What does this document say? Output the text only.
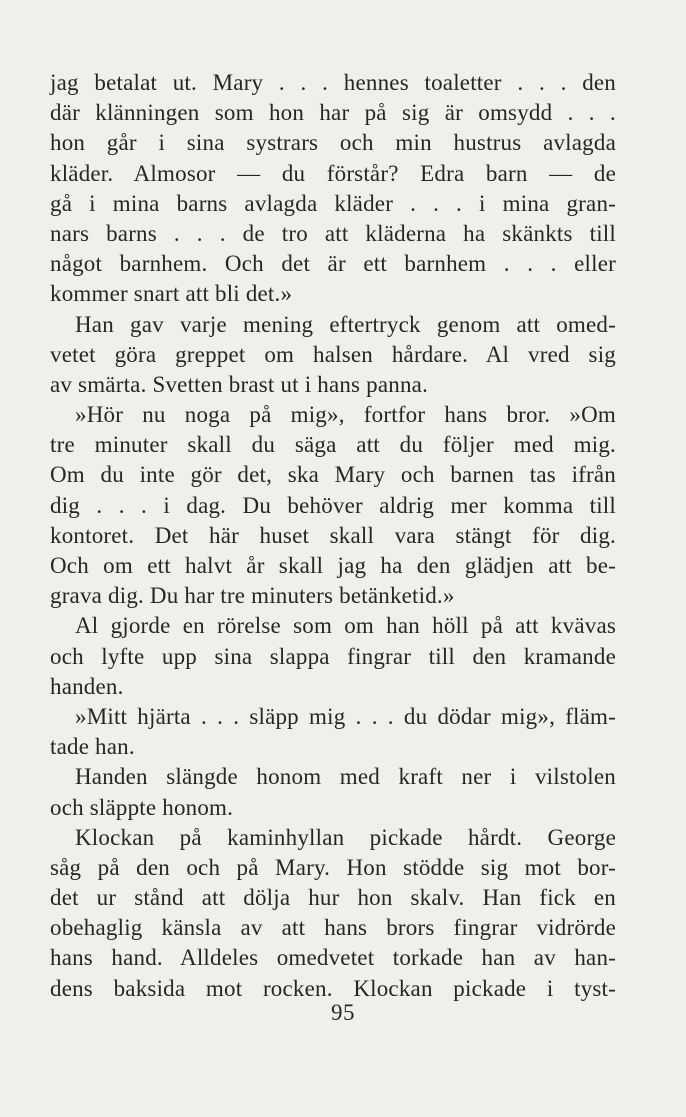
jag betalat ut. Mary . . . hennes toaletter . . . den
där klänningen som hon har på sig är omsydd . . .
hon går i sina systrars och min hustrus avlagda
kläder. Almosor — du förstår? Edra barn — de
gå i mina barns avlagda kläder . . . i mina gran-
nars barns . . . de tro att kläderna ha skänkts till
något barnhem. Och det är ett barnhem . . . eller
kommer snart att bli det.»
Han gav varje mening eftertryck genom att omed-
vetet göra greppet om halsen hårdare. Al vred sig
av smärta. Svetten brast ut i hans panna.
»Hör nu noga på mig», fortfor hans bror. »Om
tre minuter skall du säga att du följer med mig.
Om du inte gör det, ska Mary och barnen tas ifrån
dig . . . i dag. Du behöver aldrig mer komma till
kontoret. Det här huset skall vara stängt för dig.
Och om ett halvt år skall jag ha den glädjen att be-
grava dig. Du har tre minuters betänketid.»
Al gjorde en rörelse som om han höll på att kvävas
och lyfte upp sina slappa fingrar till den kramande
handen.
»Mitt hjärta . . . släpp mig . . . du dödar mig», fläm-
tade han.
Handen slängde honom med kraft ner i vilstolen
och släppte honom.
Klockan på kaminhyllan pickade hårdt. George
såg på den och på Mary. Hon stödde sig mot bor-
det ur stånd att dölja hur hon skalv. Han fick en
obehaglig känsla av att hans brors fingrar vidrörde
hans hand. Alldeles omedvetet torkade han av han-
dens baksida mot rocken. Klockan pickade i tyst-
95
